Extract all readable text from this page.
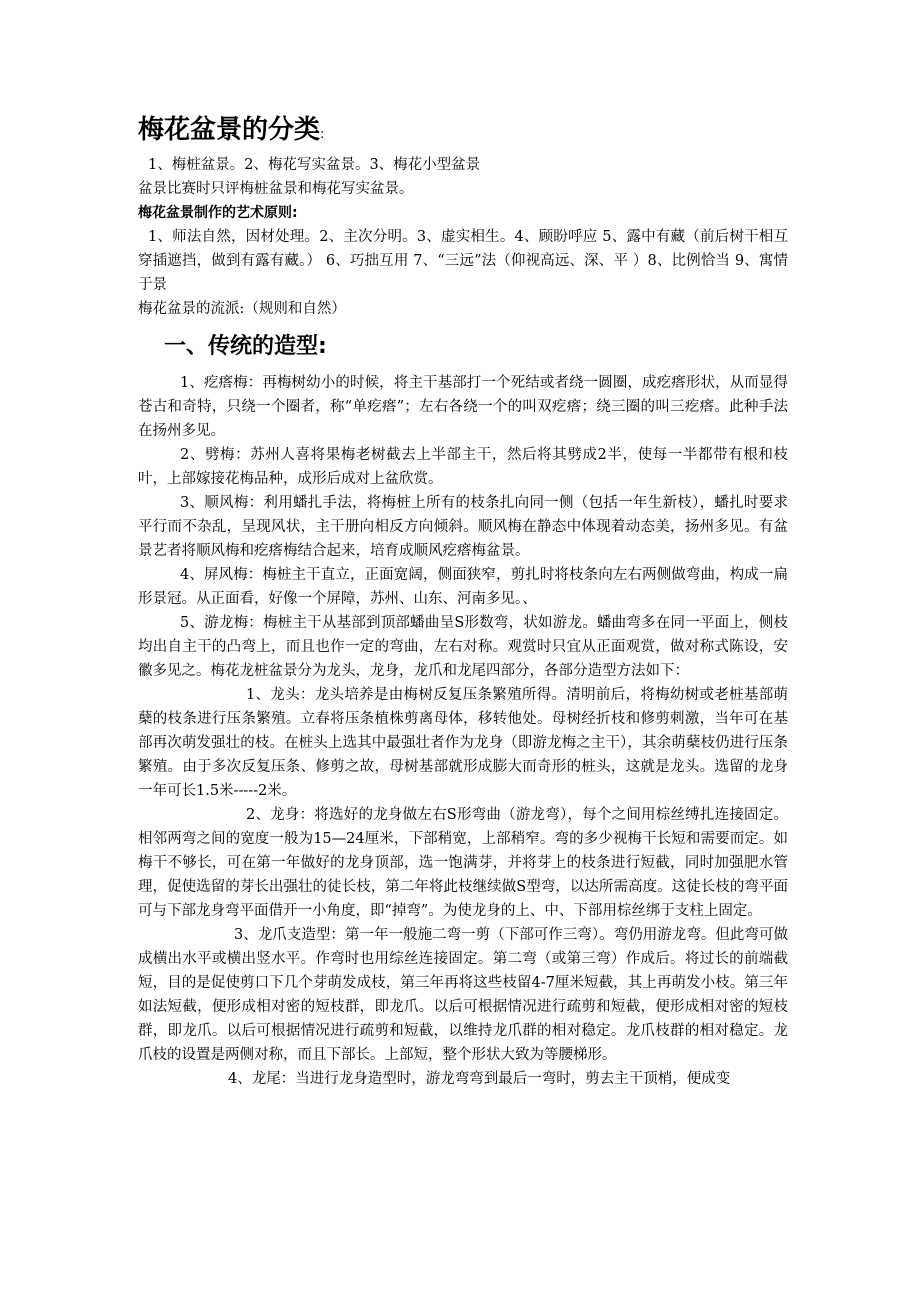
梅花盆景的分类:

1、梅桩盆景。2、梅花写实盆景。3、梅花小型盆景

盆景比赛时只评梅桩盆景和梅花写实盆景。

梅花盆景制作的艺术原则:

1、师法自然，因材处理。2、主次分明。3、虚实相生。4、顾盼呼应 5、露中有藏（前后树干相互穿插遮挡，做到有露有藏。） 6、巧拙互用 7、“三远”法（仰视高远、深、平 ）8、比例恰当 9、寓情于景

梅花盆景的流派:（规则和自然）

一、传统的造型:

1、疙瘩梅：再梅树幼小的时候，将主干基部打一个死结或者绕一圆圈，成疙瘩形状，从而显得苍古和奇特，只绕一个圈者，称“单疙瘩”；左右各绕一个的叫双疙瘩；绕三圈的叫三疙瘩。此种手法在扬州多见。

2、劈梅：苏州人喜将果梅老树截去上半部主干，然后将其劈成2半，使每一半都带有根和枝叶，上部嫁接花梅品种，成形后成对上盆欣赏。

3、顺风梅：利用蟠扎手法，将梅桩上所有的枝条扎向同一侧（包括一年生新枝），蟠扎时要求平行而不杂乱，呈现风状，主干册向相反方向倾斜。顺风梅在静态中体现着动态美，扬州多见。有盆景艺者将顺风梅和疙瘩梅结合起来，培育成顺风疙瘩梅盆景。

4、屏风梅：梅桩主干直立，正面宽阔，侧面狭窄，剪扎时将枝条向左右两侧做弯曲，构成一扁形景冠。从正面看，好像一个屏障，苏州、山东、河南多见。、

5、游龙梅：梅桩主干从基部到顶部蟠曲呈S形数弯，状如游龙。蟠曲弯多在同一平面上，侧枝均出自主干的凸弯上，而且也作一定的弯曲，左右对称。观赏时只宜从正面观赏，做对称式陈设，安徽多见之。梅花龙桩盆景分为龙头，龙身，龙爪和龙尾四部分，各部分造型方法如下：

1、龙头：龙头培养是由梅树反复压条繁殖所得。清明前后，将梅幼树或老桩基部萌蘖的枝条进行压条繁殖。立春将压条植株剪离母体，移转他处。母树经折枝和修剪刺激，当年可在基部再次萌发强壮的枝。在桩头上选其中最强壮者作为龙身（即游龙梅之主干），其余萌蘖枝仍进行压条繁殖。由于多次反复压条、修剪之故，母树基部就形成膨大而奇形的桩头，这就是龙头。选留的龙身一年可长1.5米-----2米。

2、龙身：将选好的龙身做左右S形弯曲（游龙弯），每个之间用棕丝缚扎连接固定。相邻两弯之间的宽度一般为15—24厘米，下部稍宽，上部稍窄。弯的多少视梅干长短和需要而定。如梅干不够长，可在第一年做好的龙身顶部，选一饱满芽，并将芽上的枝条进行短截，同时加强肥水管理，促使选留的芽长出强壮的徒长枝，第二年将此枝继续做S型弯，以达所需高度。这徒长枝的弯平面可与下部龙身弯平面借开一小角度，即“掉弯”。为使龙身的上、中、下部用棕丝绑于支柱上固定。

3、龙爪支造型：第一年一般施二弯一剪（下部可作三弯）。弯仍用游龙弯。但此弯可做成横出水平或横出竖水平。作弯时也用综丝连接固定。第二弯（或第三弯）作成后。将过长的前端截短，目的是促使剪口下几个芽萌发成枝，第三年再将这些枝留4-7厘米短截，其上再萌发小枝。第三年如法短截，便形成相对密的短枝群，即龙爪。以后可根据情况进行疏剪和短截，便形成相对密的短枝群，即龙爪。以后可根据情况进行疏剪和短截，以维持龙爪群的相对稳定。龙爪枝群的相对稳定。龙爪枝的设置是两侧对称，而且下部长。上部短，整个形状大致为等腰梯形。

4、龙尾：当进行龙身造型时，游龙弯弯到最后一弯时，剪去主干顶梢，便成变
